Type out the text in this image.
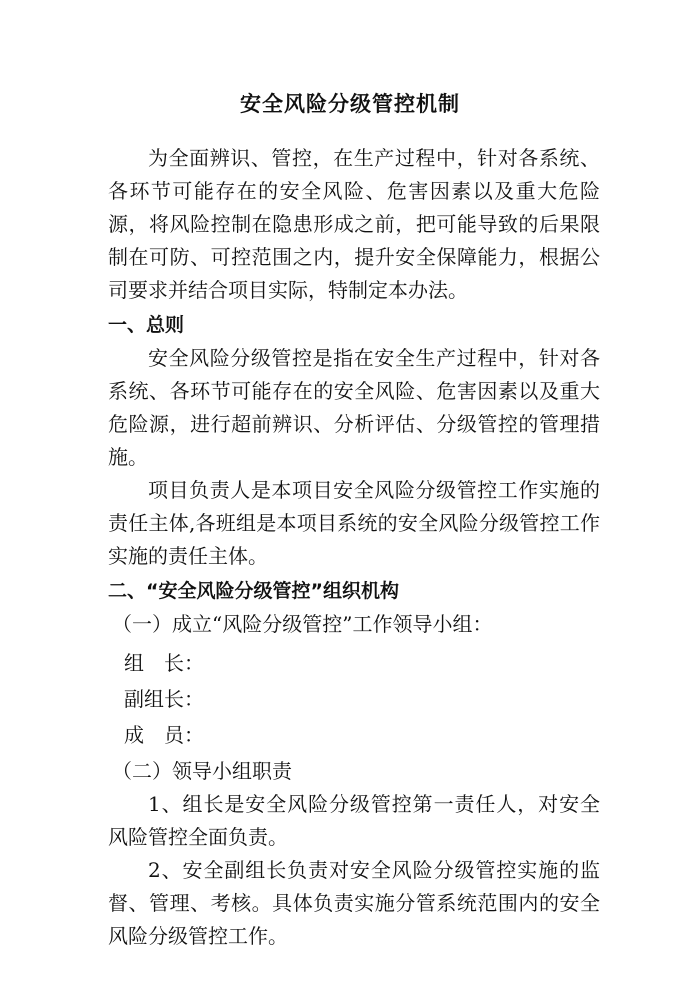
安全风险分级管控机制

为全面辨识、管控，在生产过程中，针对各系统、各环节可能存在的安全风险、危害因素以及重大危险源，将风险控制在隐患形成之前，把可能导致的后果限制在可防、可控范围之内，提升安全保障能力，根据公司要求并结合项目实际，特制定本办法。

一、总则

安全风险分级管控是指在安全生产过程中，针对各系统、各环节可能存在的安全风险、危害因素以及重大危险源，进行超前辨识、分析评估、分级管控的管理措施。

项目负责人是本项目安全风险分级管控工作实施的责任主体,各班组是本项目系统的安全风险分级管控工作实施的责任主体。

二、“安全风险分级管控”组织机构

（一）成立“风险分级管控”工作领导小组：

组　长：

副组长：

成　员：

（二）领导小组职责

1、组长是安全风险分级管控第一责任人，对安全风险管控全面负责。

2、安全副组长负责对安全风险分级管控实施的监督、管理、考核。具体负责实施分管系统范围内的安全风险分级管控工作。
